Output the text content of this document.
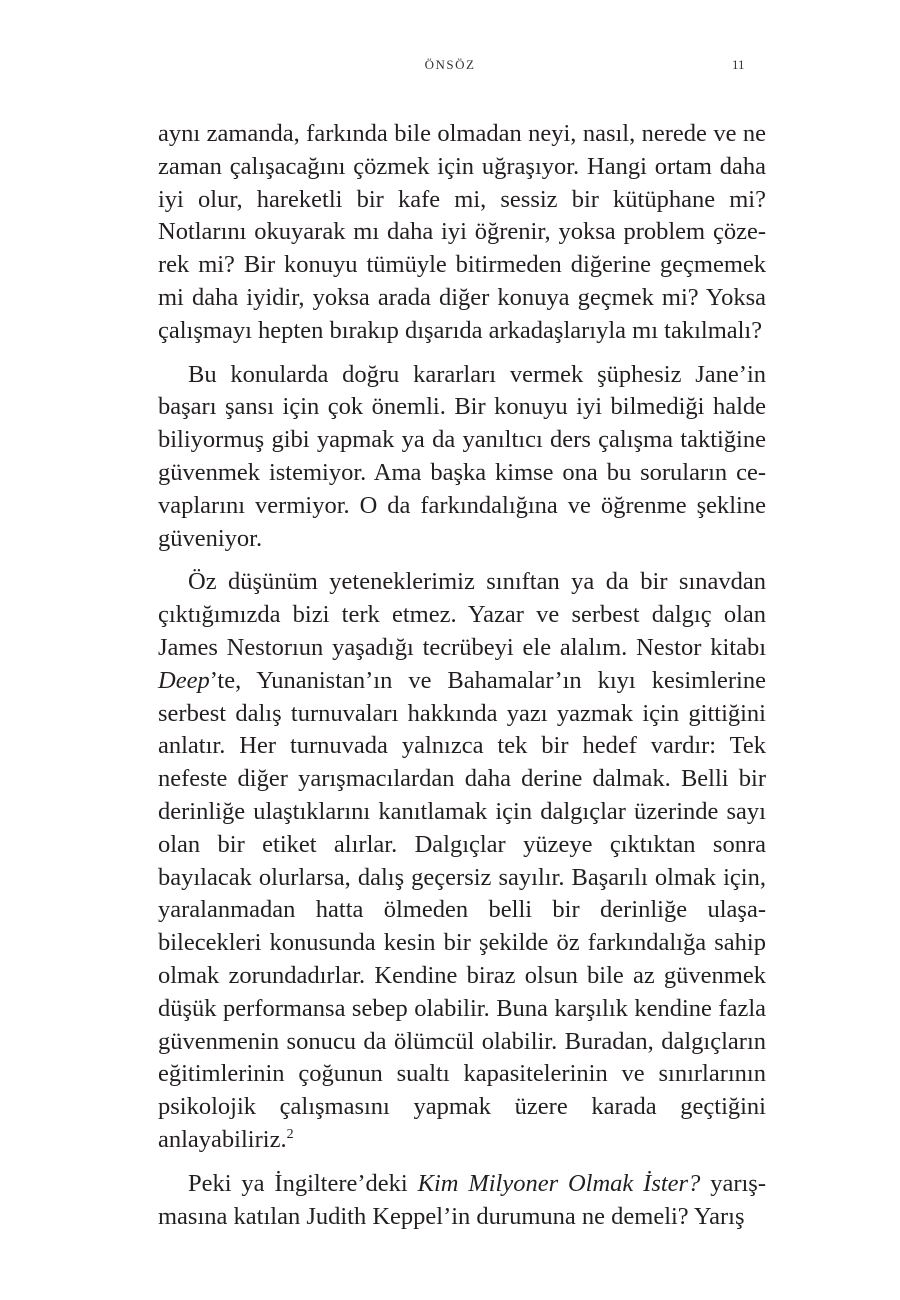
ÖNSÖZ	11

aynı zamanda, farkında bile olmadan neyi, nasıl, nerede ve ne zaman çalışacağını çözmek için uğraşıyor. Hangi ortam daha iyi olur, hareketli bir kafe mi, sessiz bir kütüphane mi? Notlarını okuyarak mı daha iyi öğrenir, yoksa problem çözerek mi? Bir konuyu tümüyle bitirmeden diğerine geçmemek mi daha iyidir, yoksa arada diğer konuya geçmek mi? Yoksa çalışmayı hepten bırakıp dışarıda arkadaşlarıyla mı takılmalı?

Bu konularda doğru kararları vermek şüphesiz Jane’in başarı şansı için çok önemli. Bir konuyu iyi bilmediği halde biliyormuş gibi yapmak ya da yanıltıcı ders çalışma taktiğine güvenmek istemiyor. Ama başka kimse ona bu soruların cevaplarını vermiyor. O da farkındalığına ve öğrenme şekline güveniyor.

Öz düşünüm yeteneklerimiz sınıftan ya da bir sınavdan çıktığımızda bizi terk etmez. Yazar ve serbest dalgıç olan James Nestorıun yaşadığı tecrübeyi ele alalım. Nestor kitabı Deep’te, Yunanistan’ın ve Bahamalar’ın kıyı kesimlerine serbest dalış turnuvaları hakkında yazı yazmak için gittiğini anlatır. Her turnuvada yalnızca tek bir hedef vardır: Tek nefeste diğer yarışmacılardan daha derine dalmak. Belli bir derinliğe ulaştıklarını kanıtlamak için dalgıçlar üzerinde sayı olan bir etiket alırlar. Dalgıçlar yüzeye çıktıktan sonra bayılacak olurlarsa, dalış geçersiz sayılır. Başarılı olmak için, yaralanmadan hatta ölmeden belli bir derinliğe ulaşabilecekleri konusunda kesin bir şekilde öz farkındalığa sahip olmak zorundadırlar. Kendine biraz olsun bile az güvenmek düşük performansa sebep olabilir. Buna karşılık kendine fazla güvenmenin sonucu da ölümcül olabilir. Buradan, dalgıçların eğitimlerinin çoğunun sualtı kapasitelerinin ve sınırlarının psikolojik çalışmasını yapmak üzere karada geçtiğini anlayabiliriz.$^2$

Peki ya İngiltere’deki Kim Milyoner Olmak İster? yarışmasına katılan Judith Keppel’in durumuna ne demeli? Yarış
